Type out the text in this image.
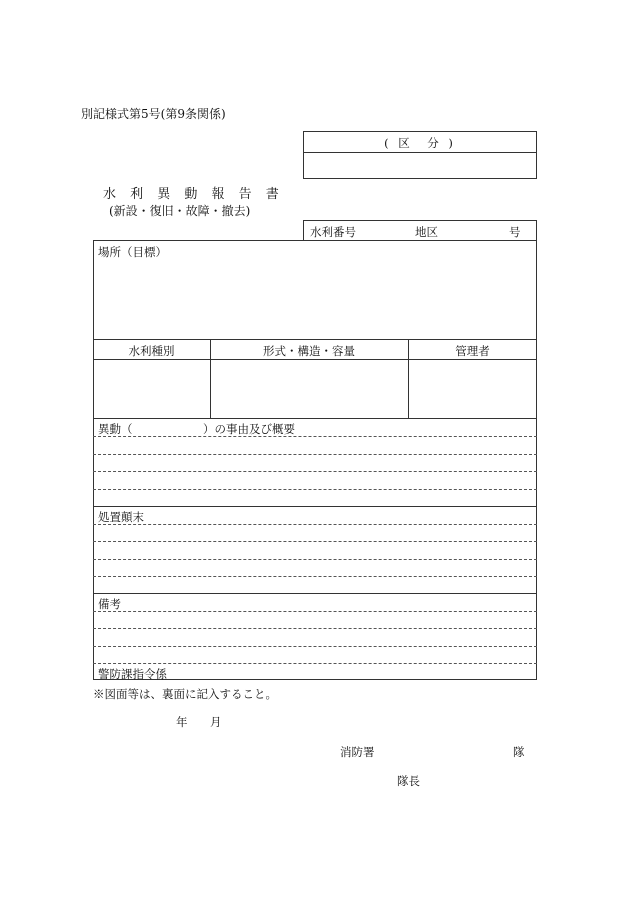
別記様式第5号(第9条関係)
( 区　分 )
水 利 異 動 報 告 書
(新設・復旧・故障・撤去)
水利番号	地区	号
場所（目標）
水利種別	形式・構造・容量	管理者
異動（	）の事由及び概要
処置顛末
備考
警防課指令係
※図面等は、裏面に記入すること。
年 月
消防署	隊
隊長
